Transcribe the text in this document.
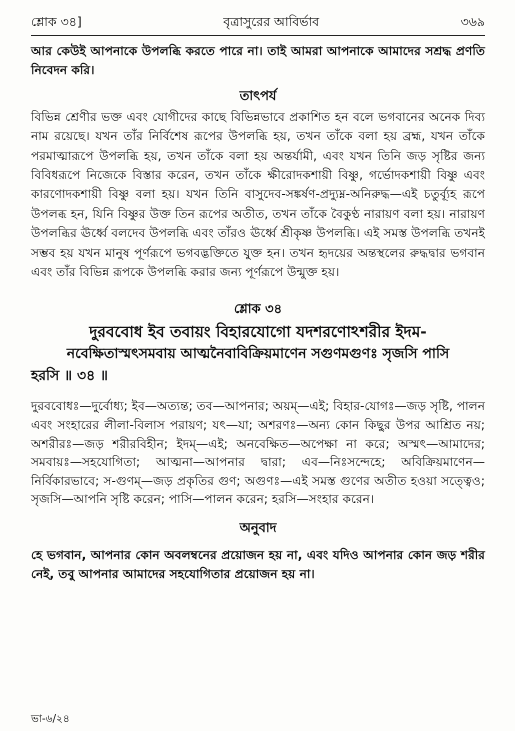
শ্লোক ৩৪]	বৃত্রাসুরের আবির্ভাব	৩৬৯

আর কেউই আপনাকে উপলব্ধি করতে পারে না। তাই আমরা আপনাকে আমাদের সশ্রদ্ধ প্রণতি নিবেদন করি।

তাৎপর্য

বিভিন্ন শ্রেণীর ভক্ত এবং যোগীদের কাছে বিভিন্নভাবে প্রকাশিত হন বলে ভগবানের অনেক দিব্য নাম রয়েছে। যখন তাঁর নির্বিশেষ রূপের উপলব্ধি হয়, তখন তাঁকে বলা হয় ব্রহ্ম, যখন তাঁকে পরমাত্মারূপে উপলব্ধি হয়, তখন তাঁকে বলা হয় অন্তর্যামী, এবং যখন তিনি জড় সৃষ্টির জন্য বিবিধরূপে নিজেকে বিস্তার করেন, তখন তাঁকে ক্ষীরোদকশায়ী বিষ্ণু, গর্ভোদকশায়ী বিষ্ণু এবং কারণোদকশায়ী বিষ্ণু বলা হয়। যখন তিনি বাসুদেব-সঙ্কর্ষণ-প্রদ্যুম্ন-অনিরুদ্ধ—এই চতুর্ব্যূহ রূপে উপলব্ধ হন, যিনি বিষ্ণুর উক্ত তিন রূপের অতীত, তখন তাঁকে বৈকুণ্ঠ নারায়ণ বলা হয়। নারায়ণ উপলব্ধির ঊর্ধ্বে বলদেব উপলব্ধি এবং তাঁরও ঊর্ধ্বে শ্রীকৃষ্ণ উপলব্ধি। এই সমস্ত উপলব্ধি তখনই সম্ভব হয় যখন মানুষ পূর্ণরূপে ভগবদ্ভক্তিতে যুক্ত হন। তখন হৃদয়ের অন্তস্থলের রুদ্ধদ্বার ভগবান এবং তাঁর বিভিন্ন রূপকে উপলব্ধি করার জন্য পূর্ণরূপে উন্মুক্ত হয়।

শ্লোক ৩৪

দুরববোধ ইব তবায়ং বিহারযোগো যদশরণোঽশরীর ইদম-

নবেক্ষিতাস্মৎসমবায় আত্মনৈবাবিক্রিয়মাণেন সগুণমগুণঃ সৃজসি পাসি

হরসি ॥ ৩৪ ॥

দুরববোধঃ—দুর্বোধ্য; ইব—অত্যন্ত; তব—আপনার; অয়ম্—এই; বিহার-যোগঃ—জড় সৃষ্টি, পালন এবং সংহারের লীলা-বিলাস পরায়ণ; যৎ—যা; অশরণঃ—অন্য কোন কিছুর উপর আশ্রিত নয়; অশরীরঃ—জড় শরীরবিহীন; ইদম্—এই; অনবেক্ষিত—অপেক্ষা না করে; অস্মৎ—আমাদের; সমবায়ঃ—সহযোগিতা; আত্মনা—আপনার দ্বারা; এব—নিঃসন্দেহে; অবিক্রিয়মাণেন—নির্বিকারভাবে; স-গুণম্—জড় প্রকৃতির গুণ; অগুণঃ—এই সমস্ত গুণের অতীত হওয়া সত্ত্বেও; সৃজসি—আপনি সৃষ্টি করেন; পাসি—পালন করেন; হরসি—সংহার করেন।

অনুবাদ

হে ভগবান, আপনার কোন অবলম্বনের প্রয়োজন হয় না, এবং যদিও আপনার কোন জড় শরীর নেই, তবু আপনার আমাদের সহযোগিতার প্রয়োজন হয় না।

ভা-৬/২৪
